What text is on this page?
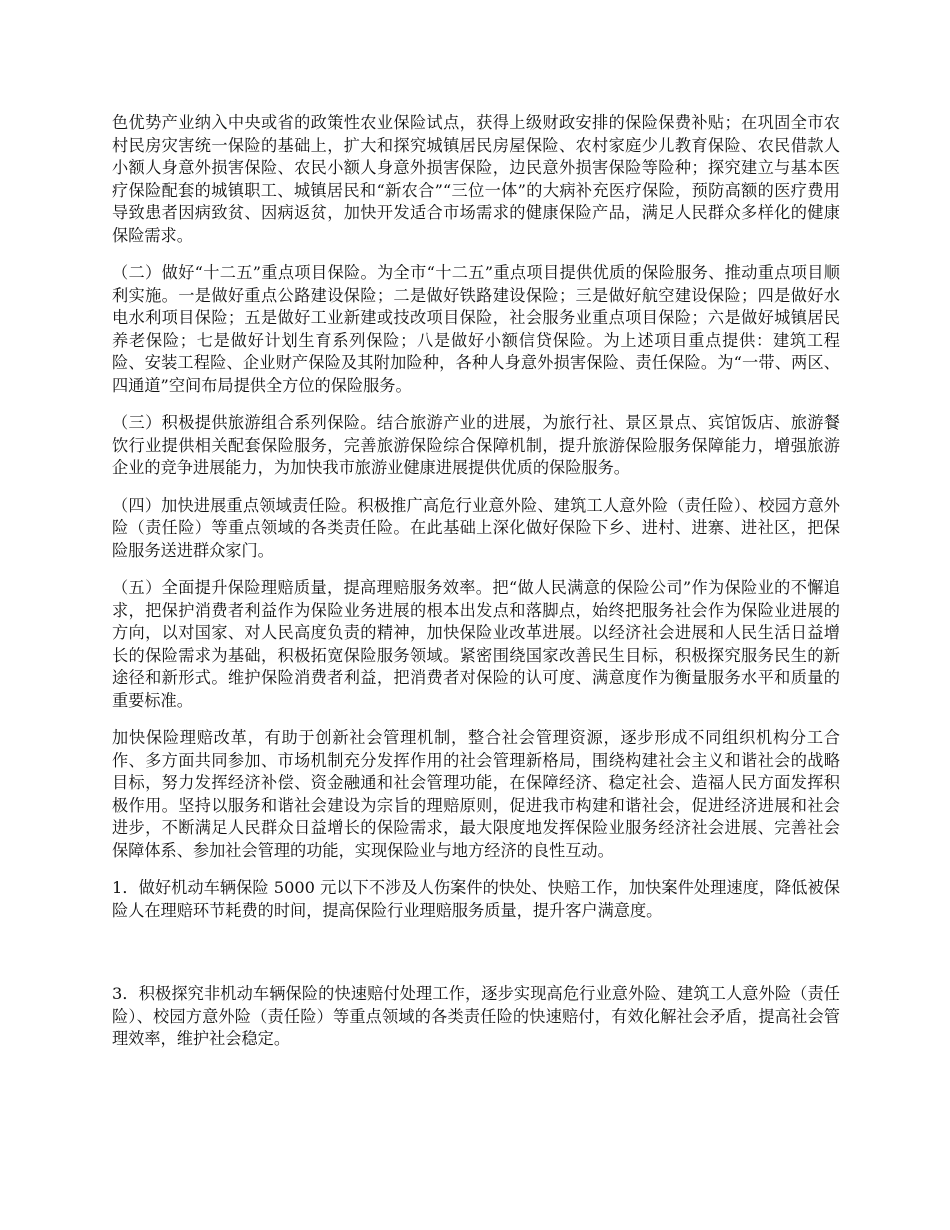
色优势产业纳入中央或省的政策性农业保险试点，获得上级财政安排的保险保费补贴；在巩固全市农村民房灾害统一保险的基础上，扩大和探究城镇居民房屋保险、农村家庭少儿教育保险、农民借款人小额人身意外损害保险、农民小额人身意外损害保险，边民意外损害保险等险种；探究建立与基本医疗保险配套的城镇职工、城镇居民和“新农合”“三位一体”的大病补充医疗保险，预防高额的医疗费用导致患者因病致贫、因病返贫，加快开发适合市场需求的健康保险产品，满足人民群众多样化的健康保险需求。

（二）做好“十二五”重点项目保险。为全市“十二五”重点项目提供优质的保险服务、推动重点项目顺利实施。一是做好重点公路建设保险；二是做好铁路建设保险；三是做好航空建设保险；四是做好水电水利项目保险；五是做好工业新建或技改项目保险，社会服务业重点项目保险；六是做好城镇居民养老保险；七是做好计划生育系列保险；八是做好小额信贷保险。为上述项目重点提供：建筑工程险、安装工程险、企业财产保险及其附加险种，各种人身意外损害保险、责任保险。为“一带、两区、四通道”空间布局提供全方位的保险服务。

（三）积极提供旅游组合系列保险。结合旅游产业的进展，为旅行社、景区景点、宾馆饭店、旅游餐饮行业提供相关配套保险服务，完善旅游保险综合保障机制，提升旅游保险服务保障能力，增强旅游企业的竞争进展能力，为加快我市旅游业健康进展提供优质的保险服务。

（四）加快进展重点领域责任险。积极推广高危行业意外险、建筑工人意外险（责任险）、校园方意外险（责任险）等重点领域的各类责任险。在此基础上深化做好保险下乡、进村、进寨、进社区，把保险服务送进群众家门。

（五）全面提升保险理赔质量，提高理赔服务效率。把“做人民满意的保险公司”作为保险业的不懈追求，把保护消费者利益作为保险业务进展的根本出发点和落脚点，始终把服务社会作为保险业进展的方向，以对国家、对人民高度负责的精神，加快保险业改革进展。以经济社会进展和人民生活日益增长的保险需求为基础，积极拓宽保险服务领域。紧密围绕国家改善民生目标，积极探究服务民生的新途径和新形式。维护保险消费者利益，把消费者对保险的认可度、满意度作为衡量服务水平和质量的重要标准。

加快保险理赔改革，有助于创新社会管理机制，整合社会管理资源，逐步形成不同组织机构分工合作、多方面共同参加、市场机制充分发挥作用的社会管理新格局，围绕构建社会主义和谐社会的战略目标，努力发挥经济补偿、资金融通和社会管理功能，在保障经济、稳定社会、造福人民方面发挥积极作用。坚持以服务和谐社会建设为宗旨的理赔原则，促进我市构建和谐社会，促进经济进展和社会进步，不断满足人民群众日益增长的保险需求，最大限度地发挥保险业服务经济社会进展、完善社会保障体系、参加社会管理的功能，实现保险业与地方经济的良性互动。

1．做好机动车辆保险 5000 元以下不涉及人伤案件的快处、快赔工作，加快案件处理速度，降低被保险人在理赔环节耗费的时间，提高保险行业理赔服务质量，提升客户满意度。

3．积极探究非机动车辆保险的快速赔付处理工作，逐步实现高危行业意外险、建筑工人意外险（责任险）、校园方意外险（责任险）等重点领域的各类责任险的快速赔付，有效化解社会矛盾，提高社会管理效率，维护社会稳定。
